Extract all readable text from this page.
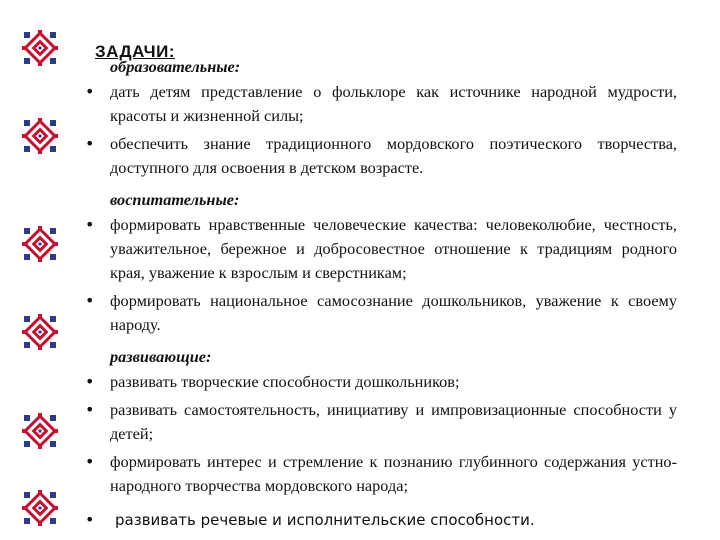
ЗАДАЧИ:
образовательные:
• дать детям представление о фольклоре как источнике народной мудрости, красоты и жизненной силы;
• обеспечить знание традиционного мордовского поэтического творчества, доступного для освоения в детском возрасте.
воспитательные:
• формировать нравственные человеческие качества: человеколюбие, честность, уважительное, бережное и добросовестное отношение к традициям родного края, уважение к взрослым и сверстникам;
• формировать национальное самосознание дошкольников, уважение к своему народу.
развивающие:
• развивать творческие способности дошкольников;
• развивать самостоятельность, инициативу и импровизационные способности у детей;
• формировать интерес и стремление к познанию глубинного содержания устно-народного творчества мордовского народа;
• развивать речевые и исполнительские способности.
